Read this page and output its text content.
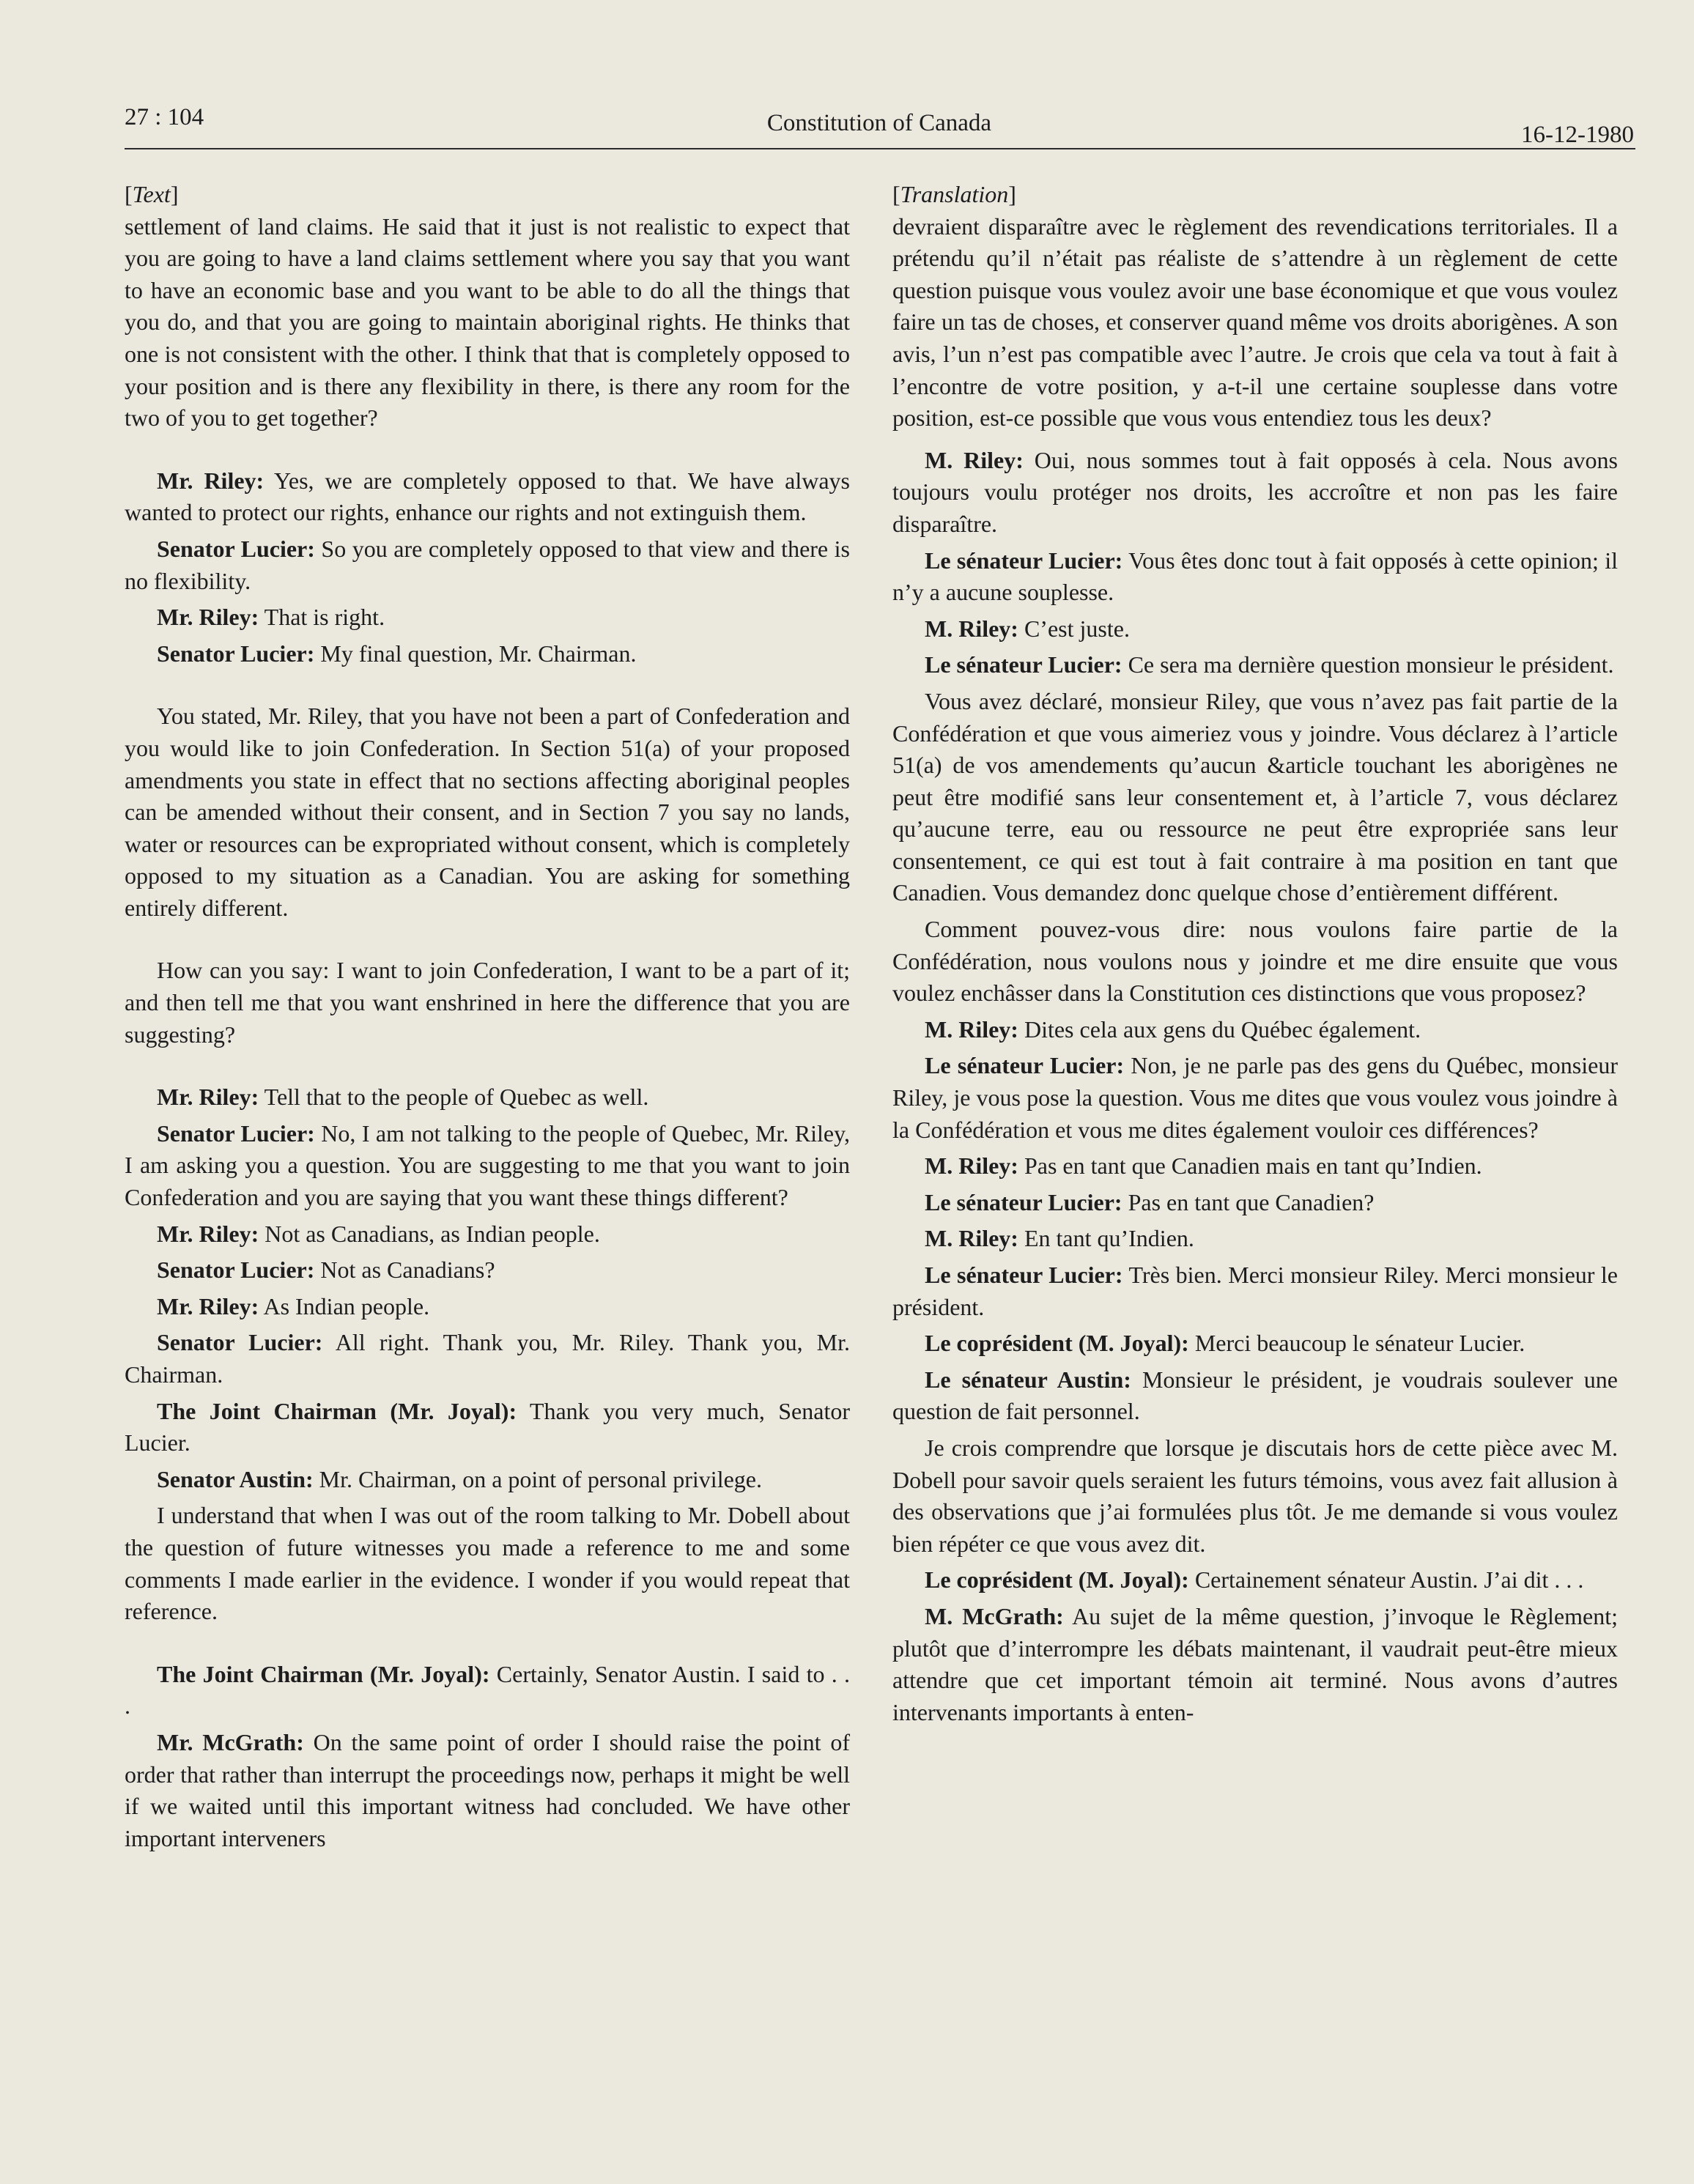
27 : 104	Constitution of Canada	16-12-1980

[Text]

settlement of land claims. He said that it just is not realistic to expect that you are going to have a land claims settlement where you say that you want to have an economic base and you want to be able to do all the things that you do, and that you are going to maintain aboriginal rights. He thinks that one is not consistent with the other. I think that that is completely opposed to your position and is there any flexibility in there, is there any room for the two of you to get together?

Mr. Riley: Yes, we are completely opposed to that. We have always wanted to protect our rights, enhance our rights and not extinguish them.

Senator Lucier: So you are completely opposed to that view and there is no flexibility.

Mr. Riley: That is right.

Senator Lucier: My final question, Mr. Chairman.

You stated, Mr. Riley, that you have not been a part of Confederation and you would like to join Confederation. In Section 51(a) of your proposed amendments you state in effect that no sections affecting aboriginal peoples can be amended without their consent, and in Section 7 you say no lands, water or resources can be expropriated without consent, which is completely opposed to my situation as a Canadian. You are asking for something entirely different.

How can you say: I want to join Confederation, I want to be a part of it; and then tell me that you want enshrined in here the difference that you are suggesting?

Mr. Riley: Tell that to the people of Quebec as well.

Senator Lucier: No, I am not talking to the people of Quebec, Mr. Riley, I am asking you a question. You are suggesting to me that you want to join Confederation and you are saying that you want these things different?

Mr. Riley: Not as Canadians, as Indian people.

Senator Lucier: Not as Canadians?

Mr. Riley: As Indian people.

Senator Lucier: All right. Thank you, Mr. Riley. Thank you, Mr. Chairman.

The Joint Chairman (Mr. Joyal): Thank you very much, Senator Lucier.

Senator Austin: Mr. Chairman, on a point of personal privilege.

I understand that when I was out of the room talking to Mr. Dobell about the question of future witnesses you made a reference to me and some comments I made earlier in the evidence. I wonder if you would repeat that reference.

The Joint Chairman (Mr. Joyal): Certainly, Senator Austin. I said to . . .

Mr. McGrath: On the same point of order I should raise the point of order that rather than interrupt the proceedings now, perhaps it might be well if we waited until this important witness had concluded. We have other important interveners

[Translation]

devraient disparaître avec le règlement des revendications territoriales. Il a prétendu qu’il n’était pas réaliste de s’attendre à un règlement de cette question puisque vous voulez avoir une base économique et que vous voulez faire un tas de choses, et conserver quand même vos droits aborigènes. A son avis, l’un n’est pas compatible avec l’autre. Je crois que cela va tout à fait à l’encontre de votre position, y a-t-il une certaine souplesse dans votre position, est-ce possible que vous vous entendiez tous les deux?

M. Riley: Oui, nous sommes tout à fait opposés à cela. Nous avons toujours voulu protéger nos droits, les accroître et non pas les faire disparaître.

Le sénateur Lucier: Vous êtes donc tout à fait opposés à cette opinion; il n’y a aucune souplesse.

M. Riley: C’est juste.

Le sénateur Lucier: Ce sera ma dernière question monsieur le président.

Vous avez déclaré, monsieur Riley, que vous n’avez pas fait partie de la Confédération et que vous aimeriez vous y joindre. Vous déclarez à l’article 51(a) de vos amendements qu’aucun &article touchant les aborigènes ne peut être modifié sans leur consentement et, à l’article 7, vous déclarez qu’aucune terre, eau ou ressource ne peut être expropriée sans leur consentement, ce qui est tout à fait contraire à ma position en tant que Canadien. Vous demandez donc quelque chose d’entièrement différent.

Comment pouvez-vous dire: nous voulons faire partie de la Confédération, nous voulons nous y joindre et me dire ensuite que vous voulez enchâsser dans la Constitution ces distinctions que vous proposez?

M. Riley: Dites cela aux gens du Québec également.

Le sénateur Lucier: Non, je ne parle pas des gens du Québec, monsieur Riley, je vous pose la question. Vous me dites que vous voulez vous joindre à la Confédération et vous me dites également vouloir ces différences?

M. Riley: Pas en tant que Canadien mais en tant qu’Indien.

Le sénateur Lucier: Pas en tant que Canadien?

M. Riley: En tant qu’Indien.

Le sénateur Lucier: Très bien. Merci monsieur Riley. Merci monsieur le président.

Le coprésident (M. Joyal): Merci beaucoup le sénateur Lucier.

Le sénateur Austin: Monsieur le président, je voudrais soulever une question de fait personnel.

Je crois comprendre que lorsque je discutais hors de cette pièce avec M. Dobell pour savoir quels seraient les futurs témoins, vous avez fait allusion à des observations que j’ai formulées plus tôt. Je me demande si vous voulez bien répéter ce que vous avez dit.

Le coprésident (M. Joyal): Certainement sénateur Austin. J’ai dit . . .

M. McGrath: Au sujet de la même question, j’invoque le Règlement; plutôt que d’interrompre les débats maintenant, il vaudrait peut-être mieux attendre que cet important témoin ait terminé. Nous avons d’autres intervenants importants à enten-
